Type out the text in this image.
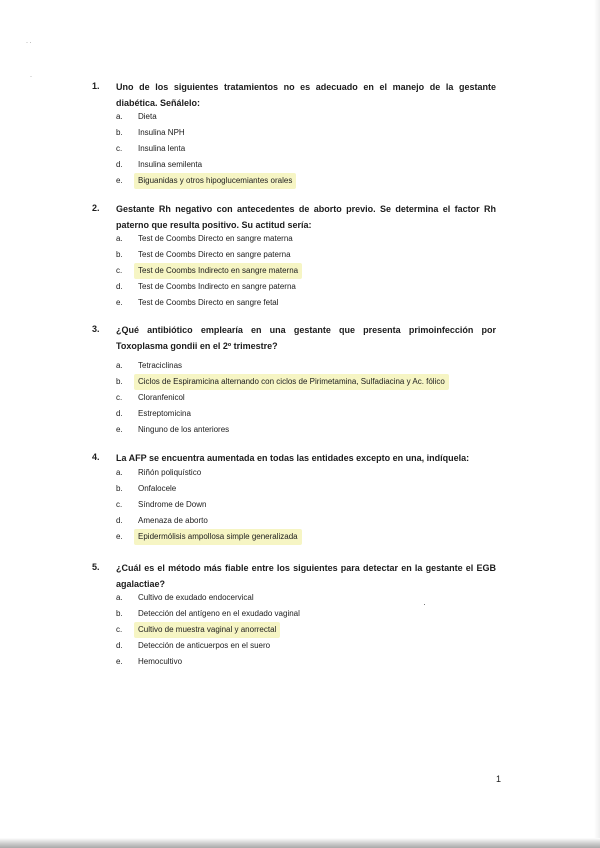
· ·
·
1. Uno de los siguientes tratamientos no es adecuado en el manejo de la gestante diabética. Señálelo:

a. Dieta
b. Insulina NPH
c. Insulina lenta
d. Insulina semilenta
e. Biguanidas y otros hipoglucemiantes orales
2. Gestante Rh negativo con antecedentes de aborto previo. Se determina el factor Rh paterno que resulta positivo. Su actitud sería:

a. Test de Coombs Directo en sangre materna
b. Test de Coombs Directo en sangre paterna
c. Test de Coombs Indirecto en sangre materna
d. Test de Coombs Indirecto en sangre paterna
e. Test de Coombs Directo en sangre fetal
3. ¿Qué antibiótico emplearía en una gestante que presenta primoinfección por Toxoplasma gondii en el 2º trimestre?

a. Tetraciclinas
b. Ciclos de Espiramicina alternando con ciclos de Pirimetamina, Sulfadiacina y Ac. fólico
c. Cloranfenicol
d. Estreptomicina
e. Ninguno de los anteriores
4. La AFP se encuentra aumentada en todas las entidades excepto en una, indíquela:

a. Riñón poliquístico
b. Onfalocele
c. Síndrome de Down
d. Amenaza de aborto
e. Epidermólisis ampollosa simple generalizada
5. ¿Cuál es el método más fiable entre los siguientes para detectar en la gestante el EGB agalactiae?

a. Cultivo de exudado endocervical
b. Detección del antígeno en el exudado vaginal
c. Cultivo de muestra vaginal y anorrectal
d. Detección de anticuerpos en el suero
e. Hemocultivo
1
